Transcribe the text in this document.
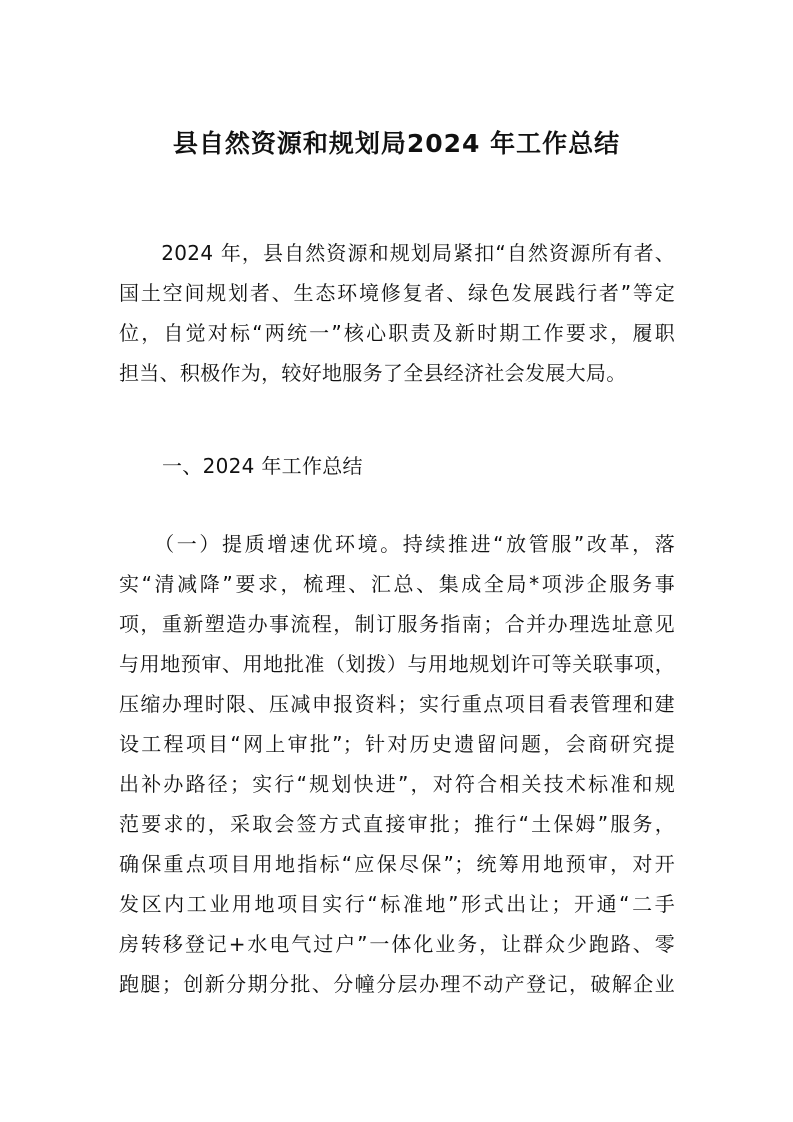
县自然资源和规划局2024 年工作总结
　　2024 年，县自然资源和规划局紧扣“自然资源所有者、
国土空间规划者、生态环境修复者、绿色发展践行者”等定
位，自觉对标“两统一”核心职责及新时期工作要求，履职
担当、积极作为，较好地服务了全县经济社会发展大局。
一、2024 年工作总结
　　（一）提质增速优环境。持续推进“放管服”改革，落
实“清减降”要求，梳理、汇总、集成全局*项涉企服务事
项，重新塑造办事流程，制订服务指南；合并办理选址意见
与用地预审、用地批准（划拨）与用地规划许可等关联事项，
压缩办理时限、压减申报资料；实行重点项目看表管理和建
设工程项目“网上审批”；针对历史遗留问题，会商研究提
出补办路径；实行“规划快进”，对符合相关技术标准和规
范要求的，采取会签方式直接审批；推行“土保姆”服务，
确保重点项目用地指标“应保尽保”；统筹用地预审，对开
发区内工业用地项目实行“标准地”形式出让；开通“二手
房转移登记+水电气过户”一体化业务，让群众少跑路、零
跑腿；创新分期分批、分幢分层办理不动产登记，破解企业
